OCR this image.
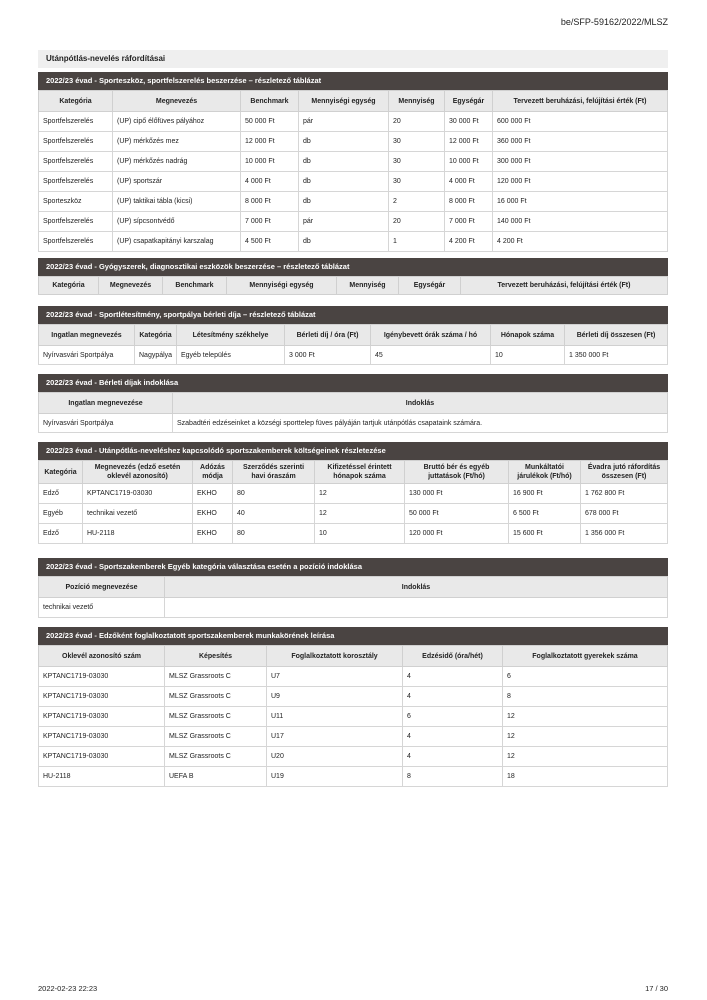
be/SFP-59162/2022/MLSZ
Utánpótlás-nevelés ráfordításai
2022/23 évad - Sporteszköz, sportfelszerelés beszerzése – részletező táblázat
Kategória	Megnevezés	Benchmark	Mennyiségi egység	Mennyiség	Egységár	Tervezett beruházási, felújítási érték (Ft)
Sportfelszerelés	(UP) cipő élőfüves pályához	50 000 Ft	pár	20	30 000 Ft	600 000 Ft
Sportfelszerelés	(UP) mérkőzés mez	12 000 Ft	db	30	12 000 Ft	360 000 Ft
Sportfelszerelés	(UP) mérkőzés nadrág	10 000 Ft	db	30	10 000 Ft	300 000 Ft
Sportfelszerelés	(UP) sportszár	4 000 Ft	db	30	4 000 Ft	120 000 Ft
Sporteszköz	(UP) taktikai tábla (kicsi)	8 000 Ft	db	2	8 000 Ft	16 000 Ft
Sportfelszerelés	(UP) sípcsontvédő	7 000 Ft	pár	20	7 000 Ft	140 000 Ft
Sportfelszerelés	(UP) csapatkapitányi karszalag	4 500 Ft	db	1	4 200 Ft	4 200 Ft
2022/23 évad - Gyógyszerek, diagnosztikai eszközök beszerzése – részletező táblázat
Kategória	Megnevezés	Benchmark	Mennyiségi egység	Mennyiség	Egységár	Tervezett beruházási, felújítási érték (Ft)
2022/23 évad - Sportlétesítmény, sportpálya bérleti díja – részletező táblázat
Ingatlan megnevezés	Kategória	Létesítmény székhelye	Bérleti díj / óra (Ft)	Igénybevett órák száma / hó	Hónapok száma	Bérleti díj összesen (Ft)
Nyírvasvári Sportpálya	Nagypálya	Egyéb település	3 000 Ft	45	10	1 350 000 Ft
2022/23 évad - Bérleti díjak indoklása
Ingatlan megnevezése	Indoklás
Nyírvasvári Sportpálya	Szabadtéri edzéseinket a községi sporttelep füves pályáján tartjuk utánpótlás csapataink számára.
2022/23 évad - Utánpótlás-neveléshez kapcsolódó sportszakemberek költségeinek részletezése
Kategória	Megnevezés (edző esetén oklevél azonosító)	Adózás módja	Szerződés szerinti havi óraszám	Kifizetéssel érintett hónapok száma	Bruttó bér és egyéb juttatások (Ft/hó)	Munkáltatói járulékok (Ft/hó)	Évadra jutó ráfordítás összesen (Ft)
Edző	KPTANC1719-03030	EKHO	80	12	130 000 Ft	16 900 Ft	1 762 800 Ft
Egyéb	technikai vezető	EKHO	40	12	50 000 Ft	6 500 Ft	678 000 Ft
Edző	HU-2118	EKHO	80	10	120 000 Ft	15 600 Ft	1 356 000 Ft
2022/23 évad - Sportszakemberek Egyéb kategória választása esetén a pozíció indoklása
Pozíció megnevezése	Indoklás
technikai vezető	
2022/23 évad - Edzőként foglalkoztatott sportszakemberek munkakörének leírása
Oklevél azonosító szám	Képesítés	Foglalkoztatott korosztály	Edzésidő (óra/hét)	Foglalkoztatott gyerekek száma
KPTANC1719-03030	MLSZ Grassroots C	U7	4	6
KPTANC1719-03030	MLSZ Grassroots C	U9	4	8
KPTANC1719-03030	MLSZ Grassroots C	U11	6	12
KPTANC1719-03030	MLSZ Grassroots C	U17	4	12
KPTANC1719-03030	MLSZ Grassroots C	U20	4	12
HU-2118	UEFA B	U19	8	18
2022-02-23 22:23	17 / 30
